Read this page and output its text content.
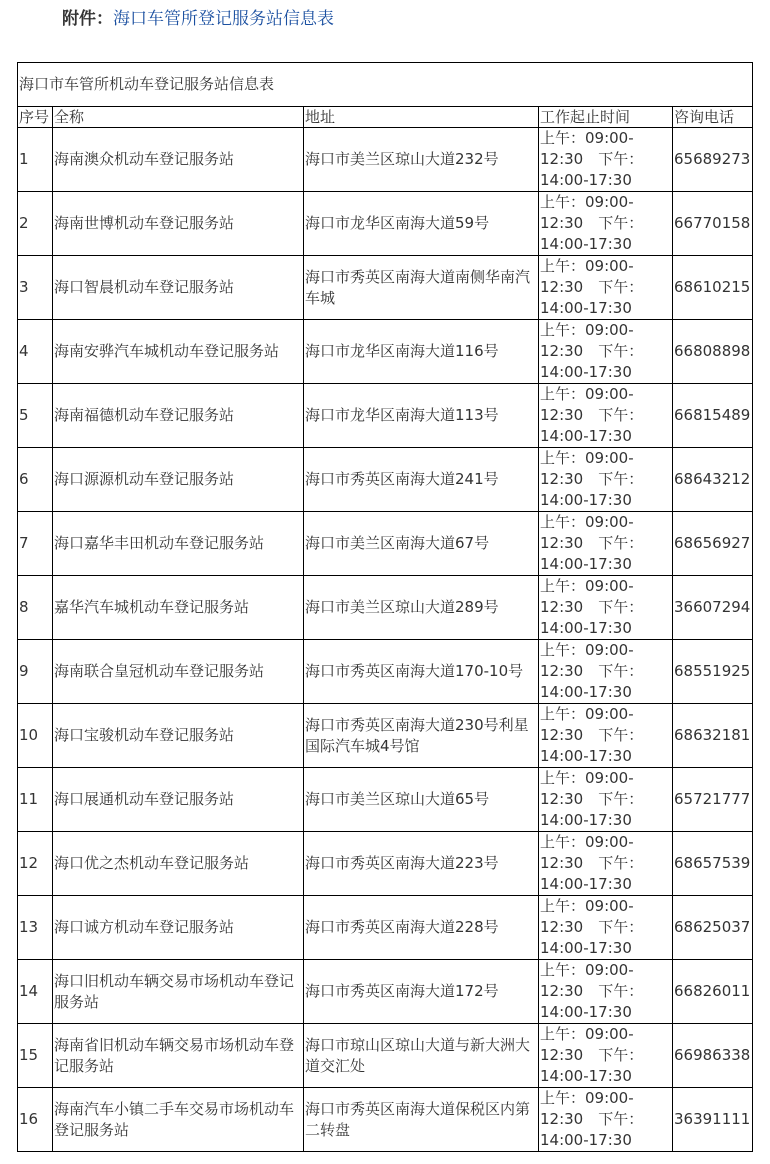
附件：海口车管所登记服务站信息表
海口市车管所机动车登记服务站信息表				
序号	全称	地址	工作起止时间	咨询电话
1	海南澳众机动车登记服务站	海口市美兰区琼山大道232号	上午：09:00-
12:30　下午：
14:00-17:30	65689273
2	海南世博机动车登记服务站	海口市龙华区南海大道59号	上午：09:00-
12:30　下午：
14:00-17:30	66770158
3	海口智晨机动车登记服务站	海口市秀英区南海大道南侧华南汽车城	上午：09:00-
12:30　下午：
14:00-17:30	68610215
4	海南安骅汽车城机动车登记服务站	海口市龙华区南海大道116号	上午：09:00-
12:30　下午：
14:00-17:30	66808898
5	海南福德机动车登记服务站	海口市龙华区南海大道113号	上午：09:00-
12:30　下午：
14:00-17:30	66815489
6	海口源源机动车登记服务站	海口市秀英区南海大道241号	上午：09:00-
12:30　下午：
14:00-17:30	68643212
7	海口嘉华丰田机动车登记服务站	海口市美兰区南海大道67号	上午：09:00-
12:30　下午：
14:00-17:30	68656927
8	嘉华汽车城机动车登记服务站	海口市美兰区琼山大道289号	上午：09:00-
12:30　下午：
14:00-17:30	36607294
9	海南联合皇冠机动车登记服务站	海口市秀英区南海大道170-10号	上午：09:00-
12:30　下午：
14:00-17:30	68551925
10	海口宝骏机动车登记服务站	海口市秀英区南海大道230号利星国际汽车城4号馆	上午：09:00-
12:30　下午：
14:00-17:30	68632181
11	海口展通机动车登记服务站	海口市美兰区琼山大道65号	上午：09:00-
12:30　下午：
14:00-17:30	65721777
12	海口优之杰机动车登记服务站	海口市秀英区南海大道223号	上午：09:00-
12:30　下午：
14:00-17:30	68657539
13	海口诚方机动车登记服务站	海口市秀英区南海大道228号	上午：09:00-
12:30　下午：
14:00-17:30	68625037
14	海口旧机动车辆交易市场机动车登记服务站	海口市秀英区南海大道172号	上午：09:00-
12:30　下午：
14:00-17:30	66826011
15	海南省旧机动车辆交易市场机动车登记服务站	海口市琼山区琼山大道与新大洲大道交汇处	上午：09:00-
12:30　下午：
14:00-17:30	66986338
16	海南汽车小镇二手车交易市场机动车登记服务站	海口市秀英区南海大道保税区内第二转盘	上午：09:00-
12:30　下午：
14:00-17:30	36391111
